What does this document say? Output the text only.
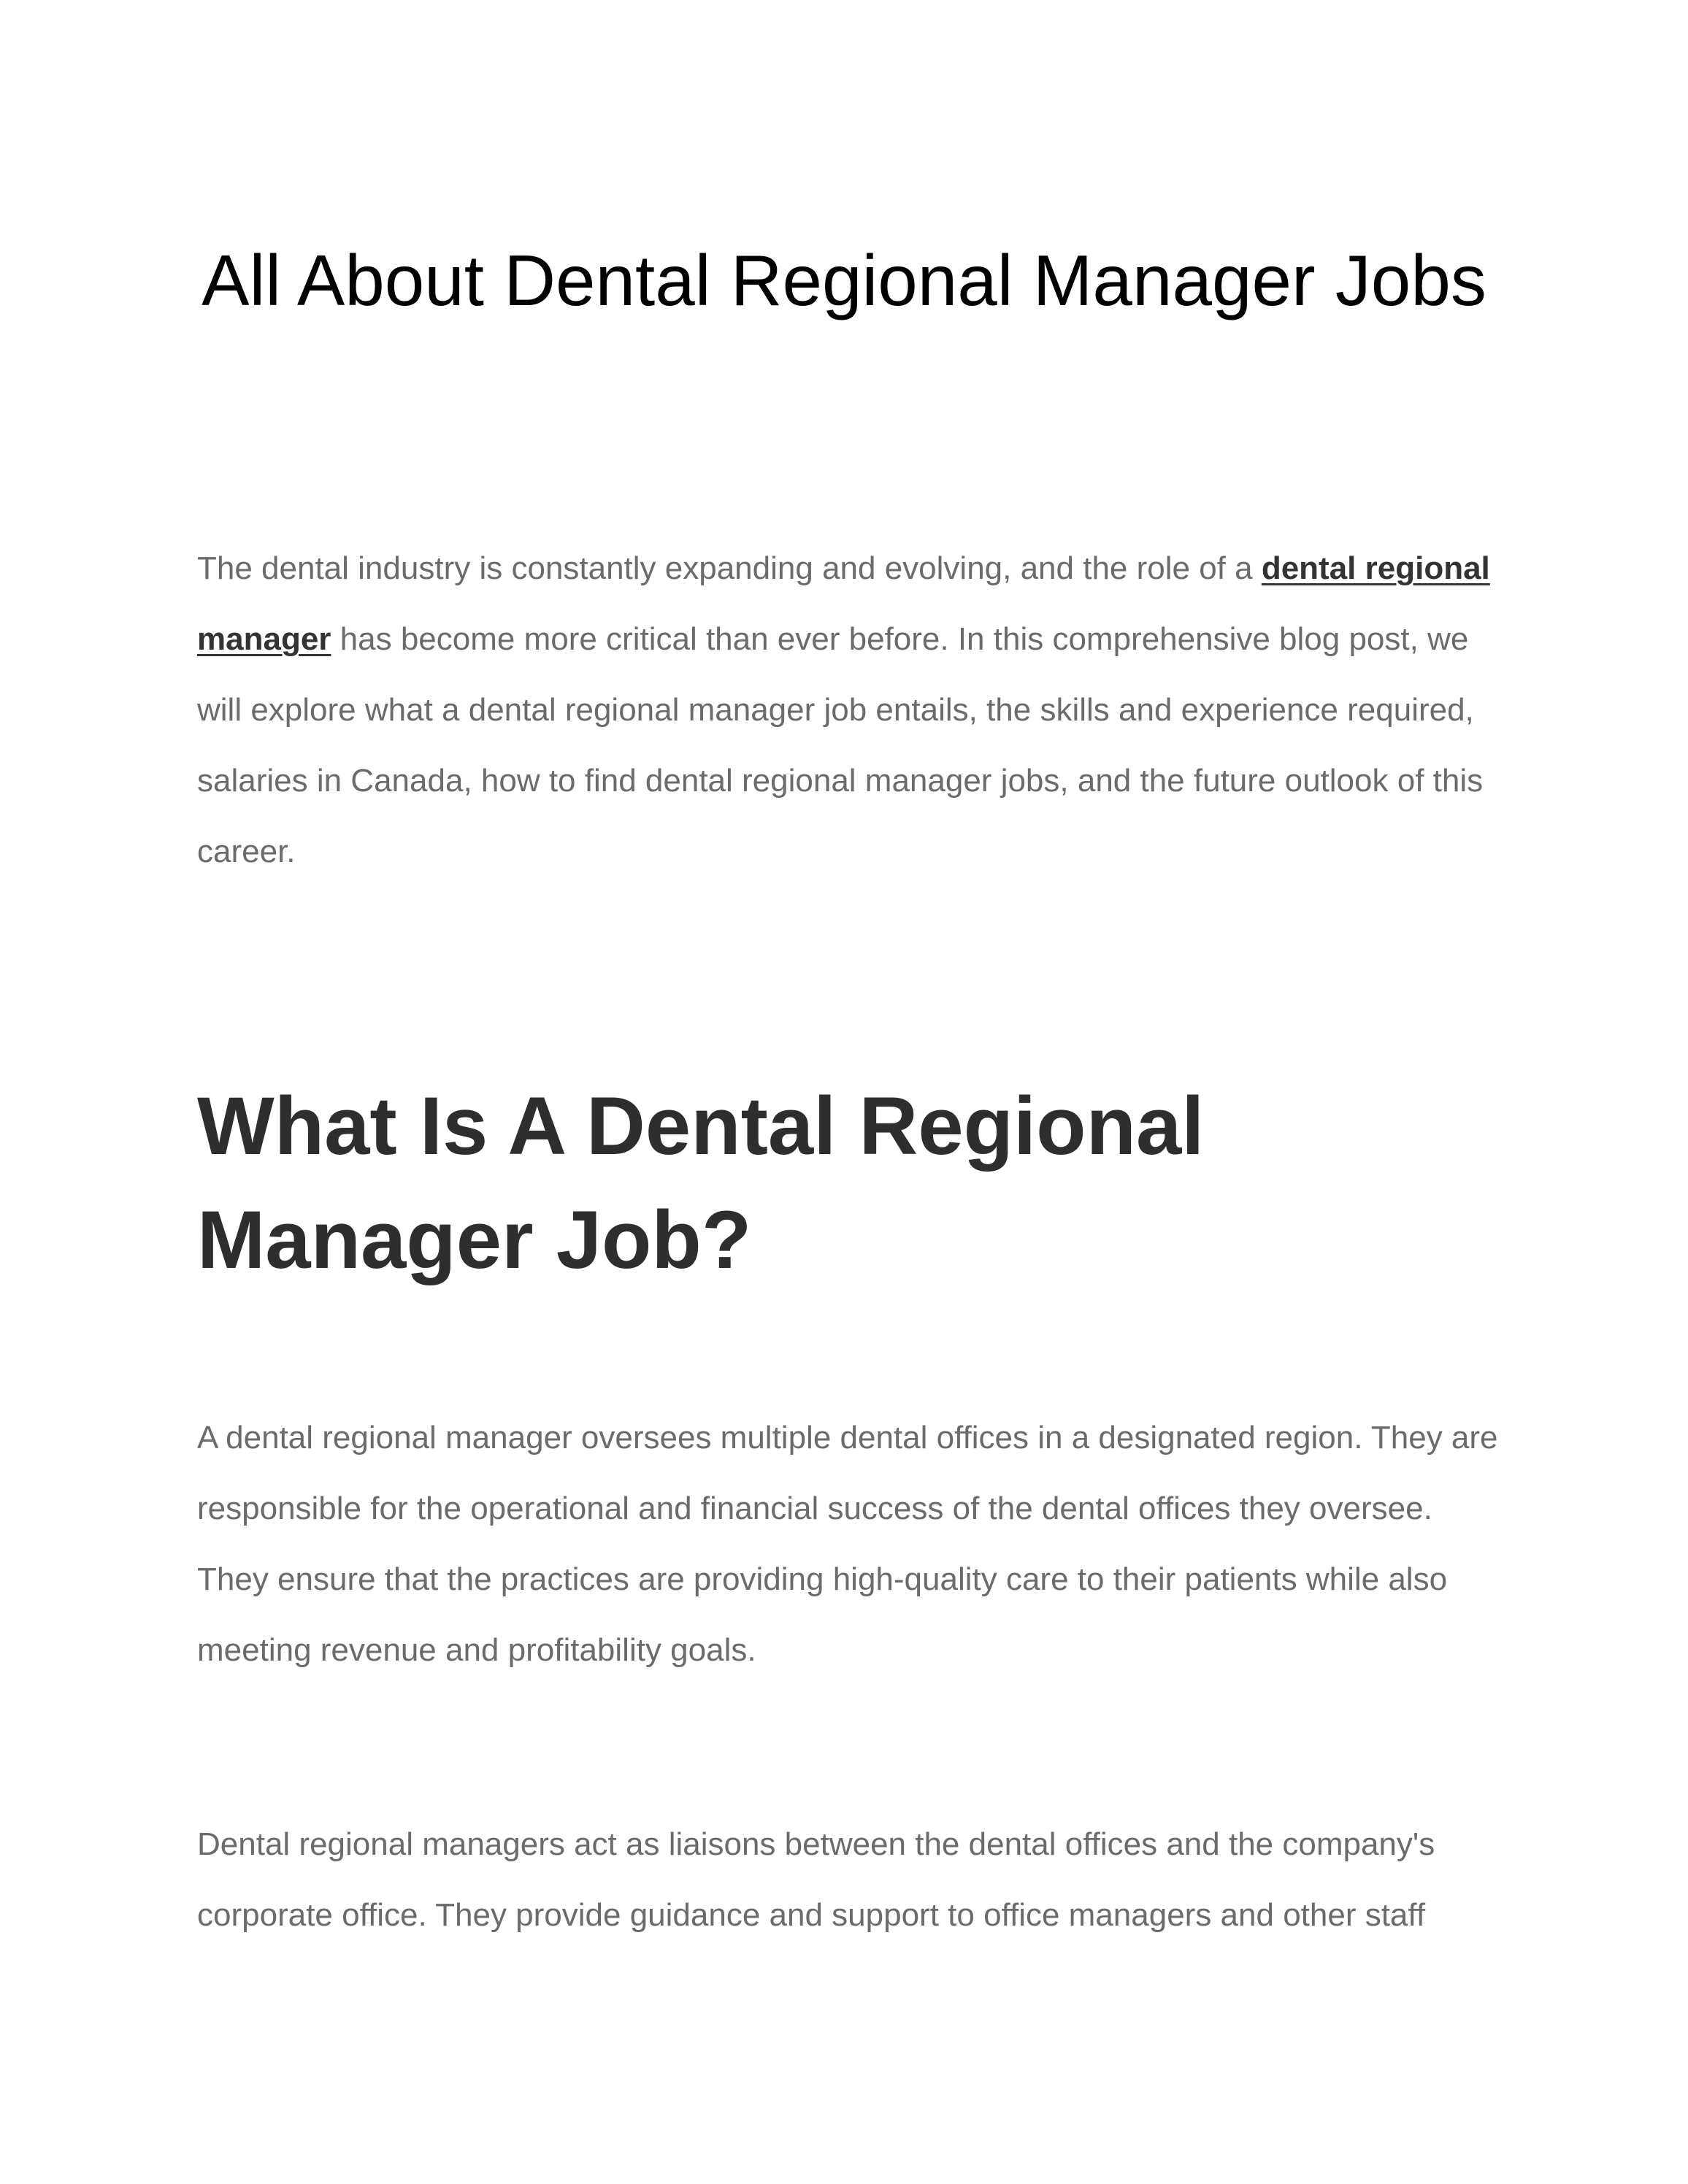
All About Dental Regional Manager Jobs

The dental industry is constantly expanding and evolving, and the role of a dental regional manager has become more critical than ever before. In this comprehensive blog post, we will explore what a dental regional manager job entails, the skills and experience required, salaries in Canada, how to find dental regional manager jobs, and the future outlook of this career.

What Is A Dental Regional Manager Job?

A dental regional manager oversees multiple dental offices in a designated region. They are responsible for the operational and financial success of the dental offices they oversee. They ensure that the practices are providing high-quality care to their patients while also meeting revenue and profitability goals.

Dental regional managers act as liaisons between the dental offices and the company's corporate office. They provide guidance and support to office managers and other staff
